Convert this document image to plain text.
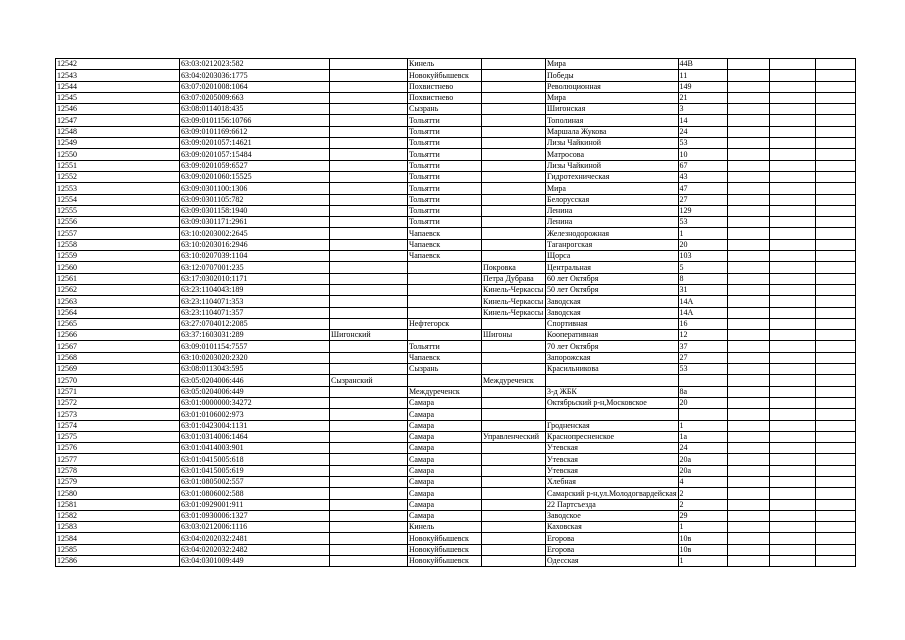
12542	63:03:0212023:582		Кинель		Мира	44В			
12543	63:04:0203036:1775		Новокуйбышевск		Победы	11			
12544	63:07:0201008:1064		Похвистнево		Революционная	149			
12545	63:07:0205009:663		Похвистнево		Мира	21			
12546	63:08:0114018:435		Сызрань		Шигонская	3			
12547	63:09:0101156:10766		Тольятти		Тополиная	14			
12548	63:09:0101169:6612		Тольятти		Маршала Жукова	24			
12549	63:09:0201057:14621		Тольятти		Лизы Чайкиной	53			
12550	63:09:0201057:15484		Тольятти		Матросова	10			
12551	63:09:0201059:6527		Тольятти		Лизы Чайкиной	67			
12552	63:09:0201060:15525		Тольятти		Гидротехническая	43			
12553	63:09:0301100:1306		Тольятти		Мира	47			
12554	63:09:0301105:782		Тольятти		Белорусская	27			
12555	63:09:0301158:1940		Тольятти		Ленина	129			
12556	63:09:0301171:2961		Тольятти		Ленина	53			
12557	63:10:0203002:2645		Чапаевск		Железнодорожная	1			
12558	63:10:0203016:2946		Чапаевск		Таганрогская	20			
12559	63:10:0207039:1104		Чапаевск		Щорса	103			
12560	63:12:0707001:235			Покровка	Центральная	5			
12561	63:17:0302010:1171			Петра Дубрава	60 лет Октября	8			
12562	63:23:1104043:189			Кинель-Черкассы	50 лет Октября	31			
12563	63:23:1104071:353			Кинель-Черкассы	Заводская	14А			
12564	63:23:1104071:357			Кинель-Черкассы	Заводская	14А			
12565	63:27:0704012:2085		Нефтегорск		Спортивная	16			
12566	63:37:1603031:289	Шигонский		Шигоны	Кооперативная	12			
12567	63:09:0101154:7557		Тольятти		70 лет Октября	37			
12568	63:10:0203020:2320		Чапаевск		Запорожская	27			
12569	63:08:0113043:595		Сызрань		Красильникова	53			
12570	63:05:0204006:446	Сызранский		Междуреченск					
12571	63:05:0204006:449		Междуреченск		3-д ЖБК	8а			
12572	63:01:0000000:34272		Самара		Октябрьский р-н,Московское	20			
12573	63:01:0106002:973		Самара						
12574	63:01:0423004:1131		Самара		Гродненская	1			
12575	63:01:0314006:1464		Самара	Управленческий	Краснопресненское	1а			
12576	63:01:0414003:901		Самара		Утевская	24			
12577	63:01:0415005:618		Самара		Утевская	20а			
12578	63:01:0415005:619		Самара		Утевская	20а			
12579	63:01:0805002:557		Самара		Хлебная	4			
12580	63:01:0806002:588		Самара		Самарский р-н,ул.Молодогвардейская	2			
12581	63:01:0929001:911		Самара		22 Партсъезда	2			
12582	63:01:0930006:1327		Самара		Заводское	29			
12583	63:03:0212006:1116		Кинель		Каховская	1			
12584	63:04:0202032:2481		Новокуйбышевск		Егорова	10в			
12585	63:04:0202032:2482		Новокуйбышевск		Егорова	10в			
12586	63:04:0301009:449		Новокуйбышевск		Одесская	1			
